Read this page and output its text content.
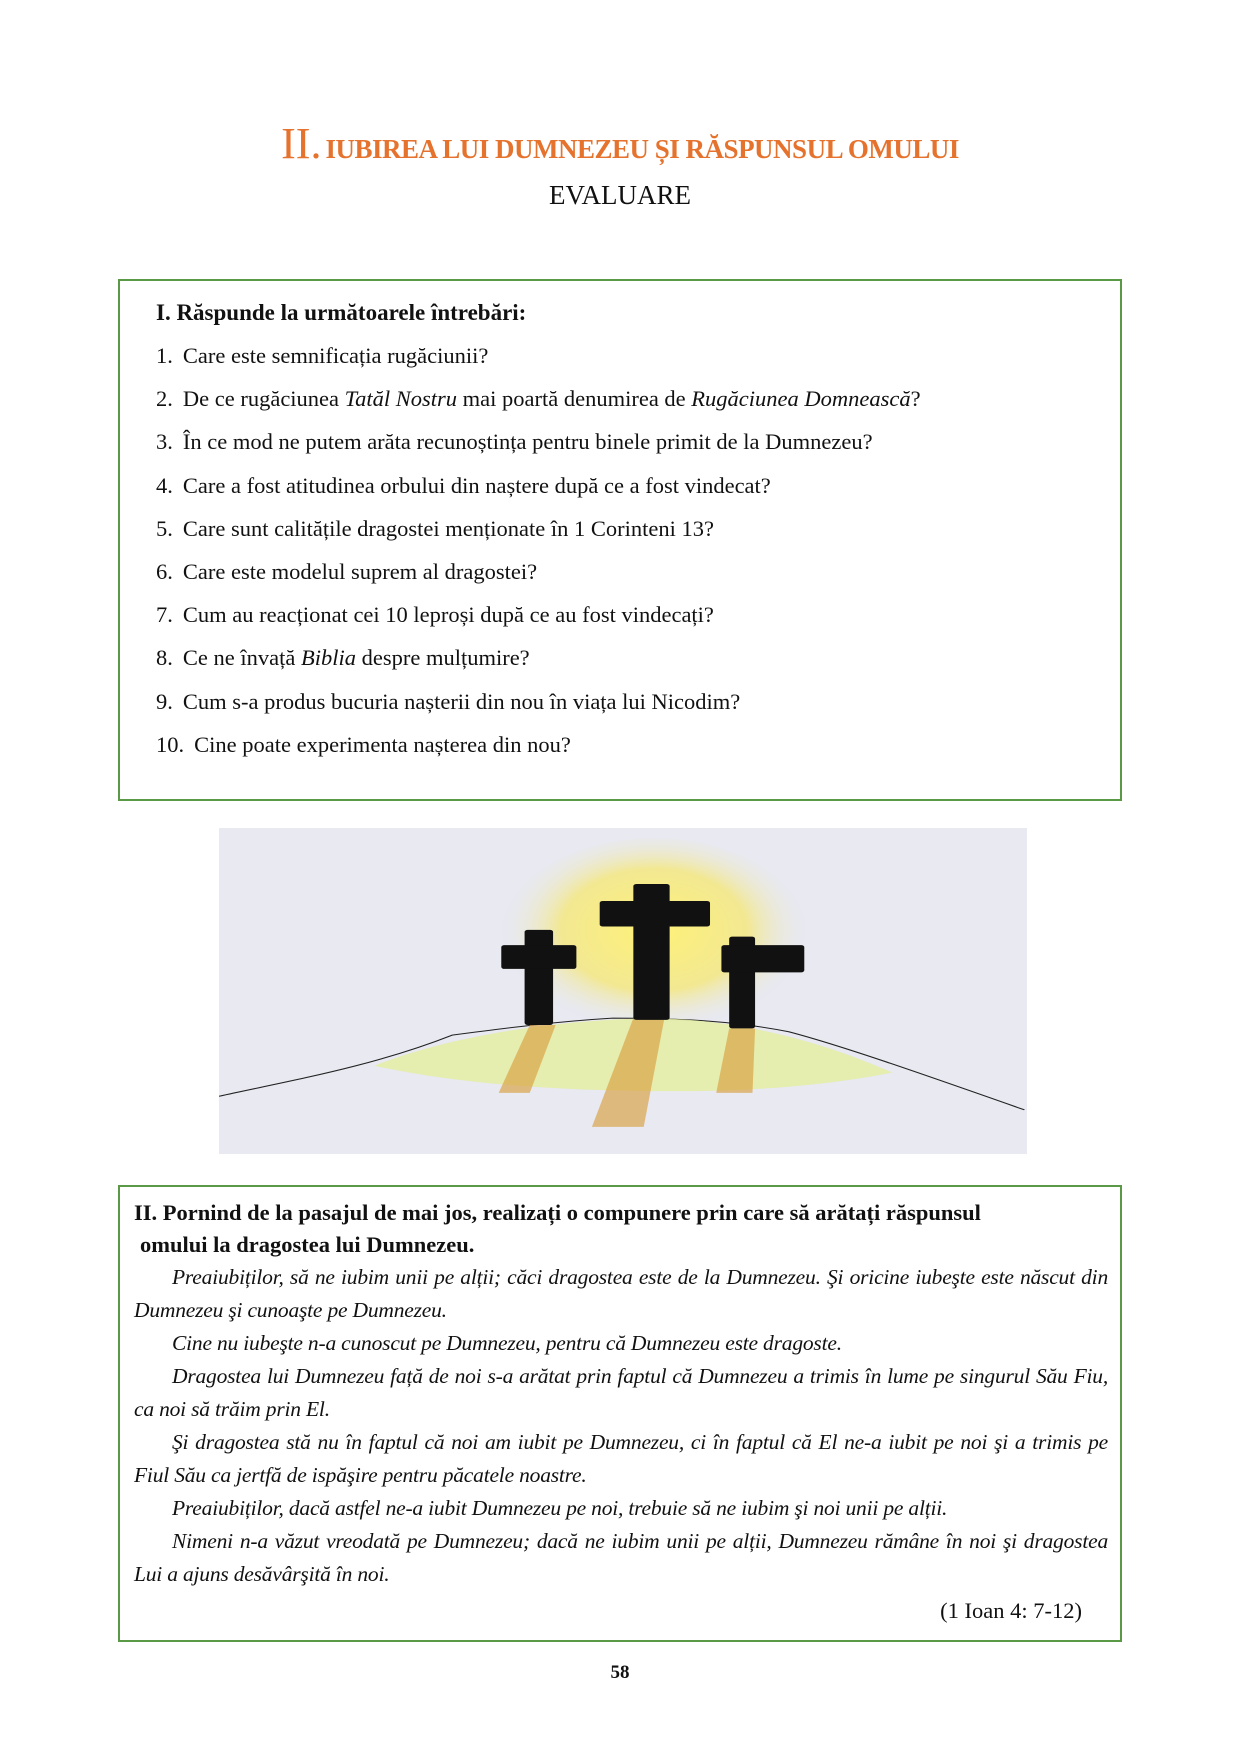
II. IUBIREA LUI DUMNEZEU ȘI RĂSPUNSUL OMULUI
EVALUARE
I. Răspunde la următoarele întrebări:
1. Care este semnificația rugăciunii?
2. De ce rugăciunea Tatăl Nostru mai poartă denumirea de Rugăciunea Domnească?
3. În ce mod ne putem arăta recunoștința pentru binele primit de la Dumnezeu?
4. Care a fost atitudinea orbului din naștere după ce a fost vindecat?
5. Care sunt calitățile dragostei menționate în 1 Corinteni 13?
6. Care este modelul suprem al dragostei?
7. Cum au reacționat cei 10 leproși după ce au fost vindecați?
8. Ce ne învață Biblia despre mulțumire?
9. Cum s-a produs bucuria nașterii din nou în viața lui Nicodim?
10. Cine poate experimenta nașterea din nou?
II. Pornind de la pasajul de mai jos, realizați o compunere prin care să arătați răspunsul
omului la dragostea lui Dumnezeu.

Preaiubiților, să ne iubim unii pe alții; căci dragostea este de la Dumnezeu. Şi oricine iubeşte este născut din Dumnezeu şi cunoaşte pe Dumnezeu.

Cine nu iubeşte n-a cunoscut pe Dumnezeu, pentru că Dumnezeu este dragoste.

Dragostea lui Dumnezeu față de noi s-a arătat prin faptul că Dumnezeu a trimis în lume pe singurul Său Fiu, ca noi să trăim prin El.

Şi dragostea stă nu în faptul că noi am iubit pe Dumnezeu, ci în faptul că El ne-a iubit pe noi şi a trimis pe Fiul Său ca jertfă de ispăşire pentru păcatele noastre.

Preaiubiților, dacă astfel ne-a iubit Dumnezeu pe noi, trebuie să ne iubim şi noi unii pe alții.

Nimeni n-a văzut vreodată pe Dumnezeu; dacă ne iubim unii pe alții, Dumnezeu rămâne în noi şi dragostea Lui a ajuns desăvârşită în noi.

(1 Ioan 4: 7-12)
58
